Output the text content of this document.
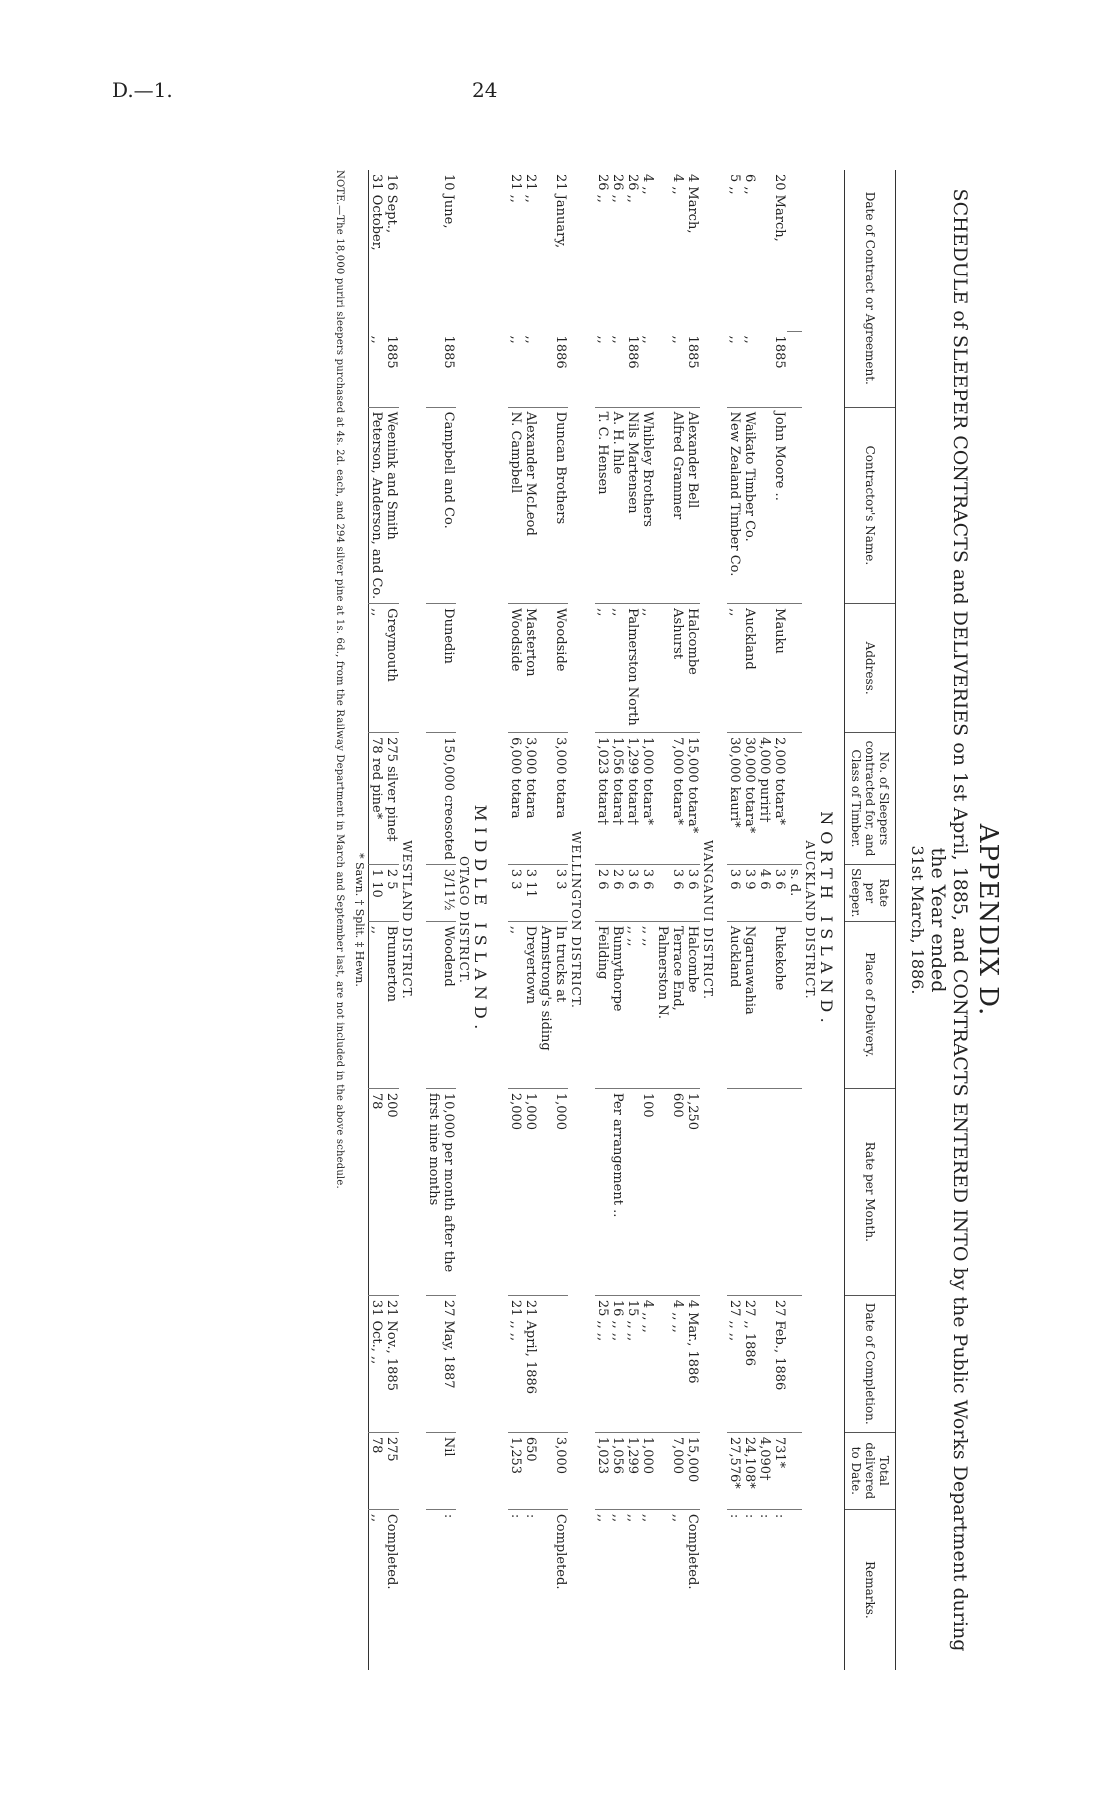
D.—1.	24
APPENDIX D.
SCHEDULE of SLEEPER CONTRACTS and DELIVERIES on 1st April, 1885, and CONTRACTS ENTERED INTO by the Public Works Department during the Year ended
31st March, 1886.
Date of Contract or Agreement.		Contractor's Name.	Address.	No. of Sleepers contracted for, and Class of Timber.	Rate per Sleeper.	Place of Delivery.	Rate per Month.	Date of Completion.	Total delivered to Date.	Remarks.
NORTH ISLAND.										
AUCKLAND DISTRICT.										
					s. d.					
20 March,	1885	John Moore ..	Mauku	2,000 totara*	3 6	Pukekohe		27 Feb., 1886	731*	:
				4,000 puriri†	4 6				4,090†	:
6 ,,	,,	Waikato Timber Co.	Auckland	30,000 totara*	3 9	Ngaruawahia		27 ,, 1886	24,108*	:
5 ,,	,,	New Zealand Timber Co.	,,	30,000 kauri*	3 6	Auckland		27 ,, ,,	27,576*	:

WANGANUI DISTRICT.										
4 March,	1885	Alexander Bell	Halcombe	15,000 totara*	3 6	Halcombe	1,250	4 Mar., 1886	15,000	Completed.
4 ,,	,,	Alfred Grammer	Ashurst	7,000 totara*	3 6	Terrace End, Palmerston N.	600	4 ,, ,,	7,000	,,
4 ,,	,,	Whibley Brothers	,,	1,000 totara*	3 6	,, ,,	100	4 ,, ,,	1,000	,,
26 ,,	1886	Nils Martensen	Palmerston North	1,299 totara†	3 6	,, ,,		15 ,, ,,	1,299	,,
26 ,,	,,	A. H. Ihle	,,	1,056 totara†	2 6	Bunnythorpe	Per arrangement ..	16 ,, ,,	1,056	,,
26 ,,	,,	T. C. Hensen	,,	1,023 totara†	2 6	Feilding		25 ,, ,,	1,023	,,

WELLINGTON DISTRICT.										
21 January,	1886	Duncan Brothers	Woodside	3,000 totara	3 3	In trucks at Armstrong's siding	1,000		3,000	Completed.
21 ,,	,,	Alexander McLeod	Masterton	3,000 totara	3 11	Dreyertown	1,000	21 April, 1886	650	:
21 ,,	,,	N. Campbell	Woodside	6,000 totara	3 3	,,	2,000	21 ,, ,,	1,253	:

MIDDLE ISLAND.										
OTAGO DISTRICT.										
10 June,	1885	Campbell and Co.	Dunedin	150,000 creosoted	3/11½	Woodend	10,000 per month after the first nine months	27 May, 1887	Nil	:

WESTLAND DISTRICT.										
16 Sept.,	1885	Weenink and Smith	Greymouth	275 silver pine‡	2 5	Brunnerton	200	21 Nov., 1885	275	Completed.
31 October,	,,	Peterson, Anderson, and Co.	,,	78 red pine*	1 10	,,	78	31 Oct., ,,	78	,,

* Sawn. † Split. ‡ Hewn.
NOTE.—The 18,000 puriri sleepers purchased at 4s. 2d. each, and 294 silver pine at 1s. 6d., from the Railway Department in March and September last, are not included in the above schedule.
